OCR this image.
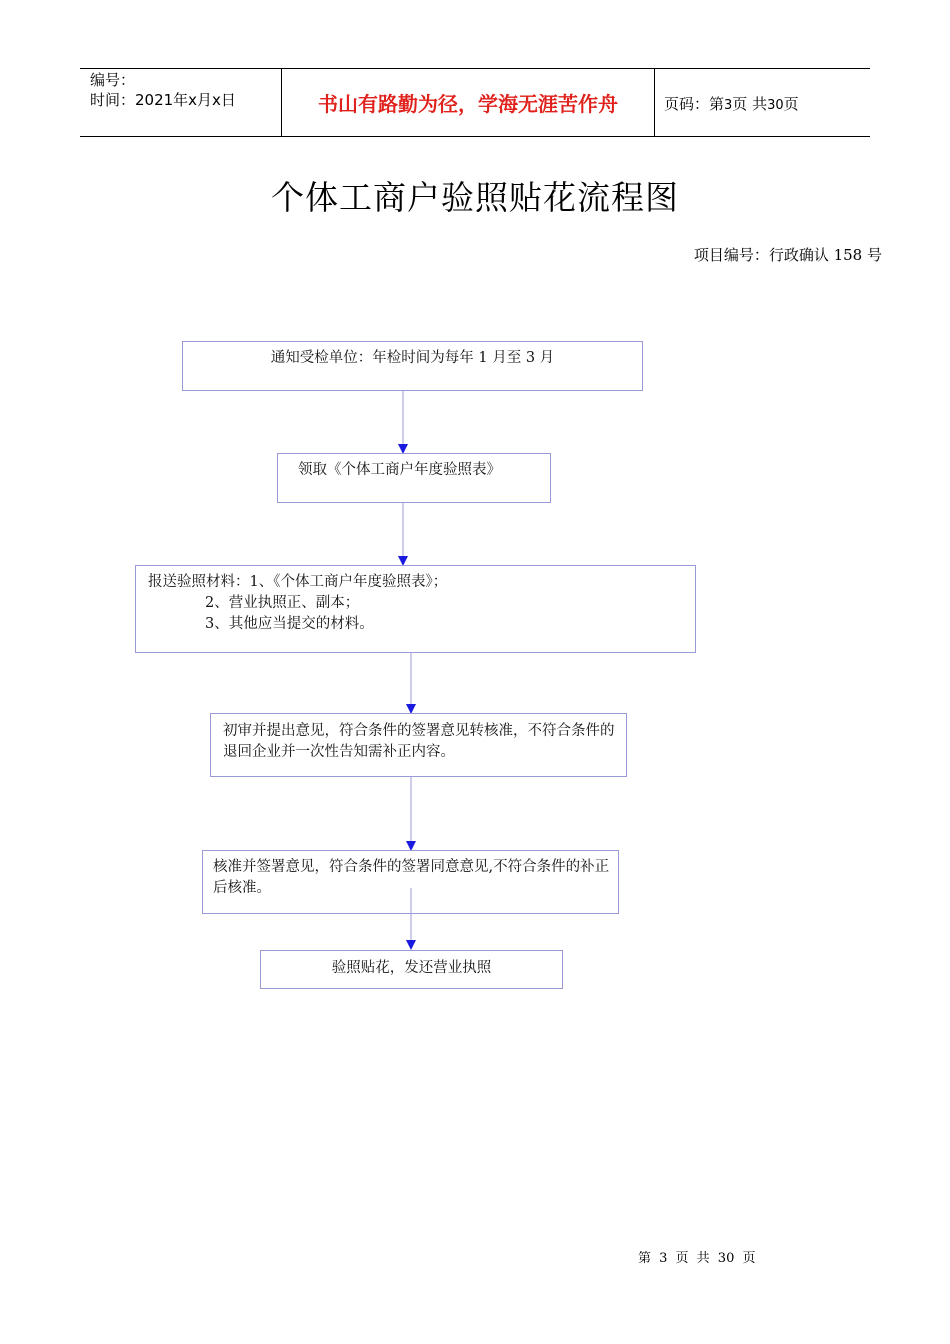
编号：
时间：2021年x月x日	书山有路勤为径，学海无涯苦作舟	页码：第3页 共30页
个体工商户验照贴花流程图
项目编号：行政确认 158 号
通知受检单位：年检时间为每年 1 月至 3 月
领取《个体工商户年度验照表》
报送验照材料：1、《个体工商户年度验照表》；
2、营业执照正、副本；
3、其他应当提交的材料。
初审并提出意见，符合条件的签署意见转核准，不符合条件的退回企业并一次性告知需补正内容。
核准并签署意见，符合条件的签署同意意见,不符合条件的补正后核准。
验照贴花，发还营业执照
第 3 页 共 30 页
